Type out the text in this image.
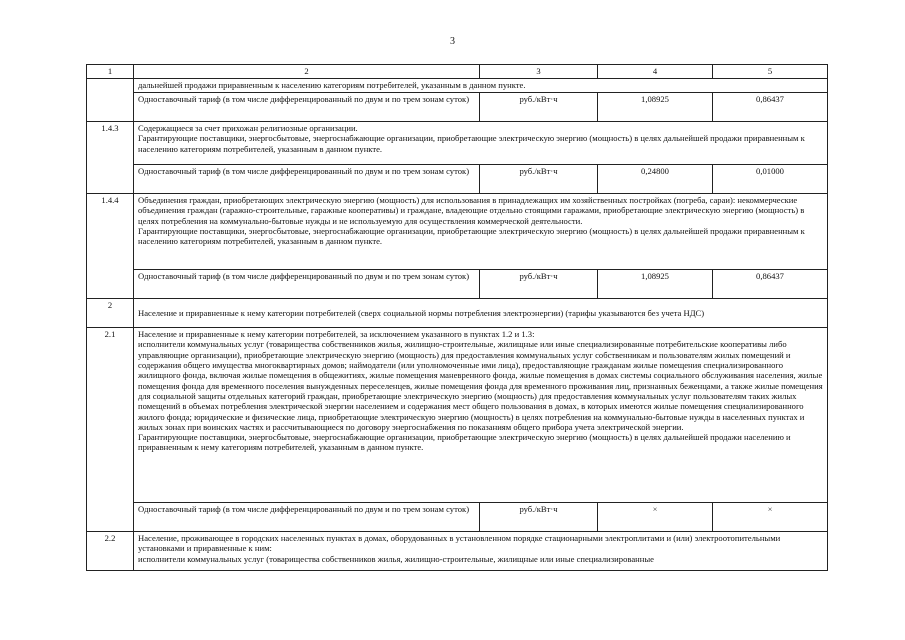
3
1	2	3	4	5
	дальнейшей продажи приравненным к населению категориям потребителей, указанным в данном пункте.			
	Одноставочный тариф (в том числе дифференцированный по двум и по трем зонам суток)	руб./кВт·ч	1,08925	0,86437
1.4.3	Содержащиеся за счет прихожан религиозные организации.
Гарантирующие поставщики, энергосбытовые, энергоснабжающие организации, приобретающие электрическую энергию (мощность) в целях дальнейшей продажи приравненным к населению категориям потребителей, указанным в данном пункте.			

	Одноставочный тариф (в том числе дифференцированный по двум и по трем зонам суток)	руб./кВт·ч	0,24800	0,01000
1.4.4	Объединения граждан, приобретающих электрическую энергию (мощность) для использования в принадлежащих им хозяйственных постройках (погреба, сараи): некоммерческие объединения граждан (гаражно-строительные, гаражные кооперативы) и граждане, владеющие отдельно стоящими гаражами, приобретающие электрическую энергию (мощность) в целях потребления на коммунально-бытовые нужды и не используемую для осуществления коммерческой деятельности.
Гарантирующие поставщики, энергосбытовые, энергоснабжающие организации, приобретающие электрическую энергию (мощность) в целях дальнейшей продажи приравненным к населению категориям потребителей, указанным в данном пункте.			

	Одноставочный тариф (в том числе дифференцированный по двум и по трем зонам суток)	руб./кВт·ч	1,08925	0,86437
2	Население и приравненные к нему категории потребителей (сверх социальной нормы потребления электроэнергии) (тарифы указываются без учета НДС)			
2.1	Население и приравненные к нему категории потребителей, за исключением указанного в пунктах 1.2 и 1.3:
исполнители коммунальных услуг (товарищества собственников жилья, жилищно-строительные, жилищные или иные специализированные потребительские кооперативы либо управляющие организации), приобретающие электрическую энергию (мощность) для предоставления коммунальных услуг собственникам и пользователям жилых помещений и содержания общего имущества многоквартирных домов; наймодатели (или уполномоченные ими лица), предоставляющие гражданам жилые помещения специализированного жилищного фонда, включая жилые помещения в общежитиях, жилые помещения маневренного фонда, жилые помещения в домах системы социального обслуживания населения, жилые помещения фонда для временного поселения вынужденных переселенцев, жилые помещения фонда для временного проживания лиц, признанных беженцами, а также жилые помещения для социальной защиты отдельных категорий граждан, приобретающие электрическую энергию (мощность) для предоставления коммунальных услуг пользователям таких жилых помещений в объемах потребления электрической энергии населением и содержания мест общего пользования в домах, в которых имеются жилые помещения специализированного жилого фонда; юридические и физические лица, приобретающие электрическую энергию (мощность) в целях потребления на коммунально-бытовые нужды в населенных пунктах и жилых зонах при воинских частях и рассчитывающиеся по договору энергоснабжения по показаниям общего прибора учета электрической энергии.
Гарантирующие поставщики, энергосбытовые, энергоснабжающие организации, приобретающие электрическую энергию (мощность) в целях дальнейшей продажи населению и приравненным к нему категориям потребителей, указанным в данном пункте.			

	Одноставочный тариф (в том числе дифференцированный по двум и по трем зонам суток)	руб./кВт·ч	×	×
2.2	Население, проживающее в городских населенных пунктах в домах, оборудованных в установленном порядке стационарными электроплитами и (или) электроотопительными установками и приравненные к ним:
исполнители коммунальных услуг (товарищества собственников жилья, жилищно-строительные, жилищные или иные специализированные			
